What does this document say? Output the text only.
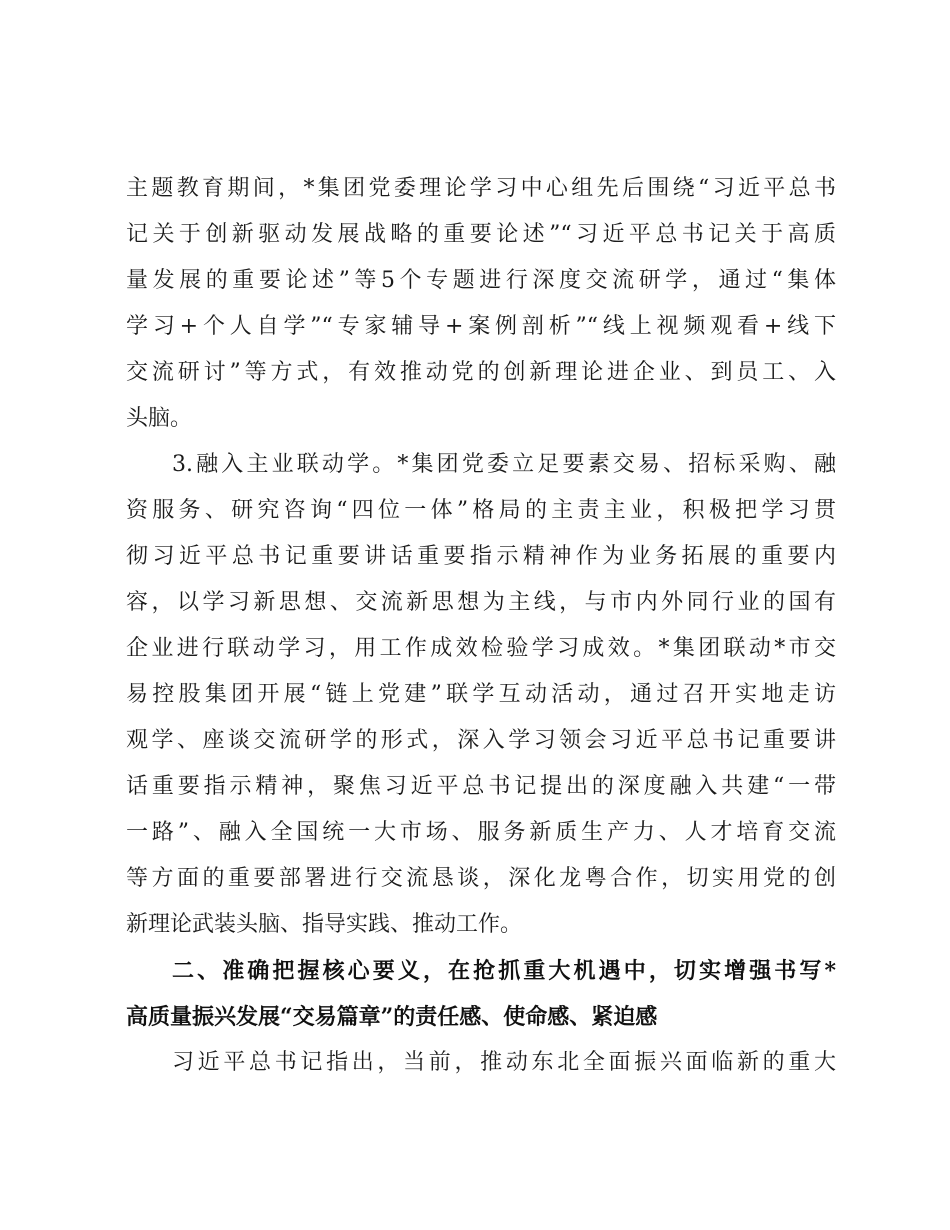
主题教育期间，*集团党委理论学习中心组先后围绕“习近平总书
记关于创新驱动发展战略的重要论述”“习近平总书记关于高质
量发展的重要论述”等5个专题进行深度交流研学，通过“集体
学习+个人自学”“专家辅导+案例剖析”“线上视频观看+线下
交流研讨”等方式，有效推动党的创新理论进企业、到员工、入
头脑。
3.融入主业联动学。*集团党委立足要素交易、招标采购、融
资服务、研究咨询“四位一体”格局的主责主业，积极把学习贯
彻习近平总书记重要讲话重要指示精神作为业务拓展的重要内
容，以学习新思想、交流新思想为主线，与市内外同行业的国有
企业进行联动学习，用工作成效检验学习成效。*集团联动*市交
易控股集团开展“链上党建”联学互动活动，通过召开实地走访
观学、座谈交流研学的形式，深入学习领会习近平总书记重要讲
话重要指示精神，聚焦习近平总书记提出的深度融入共建“一带
一路”、融入全国统一大市场、服务新质生产力、人才培育交流
等方面的重要部署进行交流恳谈，深化龙粤合作，切实用党的创
新理论武装头脑、指导实践、推动工作。
二、准确把握核心要义，在抢抓重大机遇中，切实增强书写*
高质量振兴发展“交易篇章”的责任感、使命感、紧迫感
习近平总书记指出，当前，推动东北全面振兴面临新的重大
